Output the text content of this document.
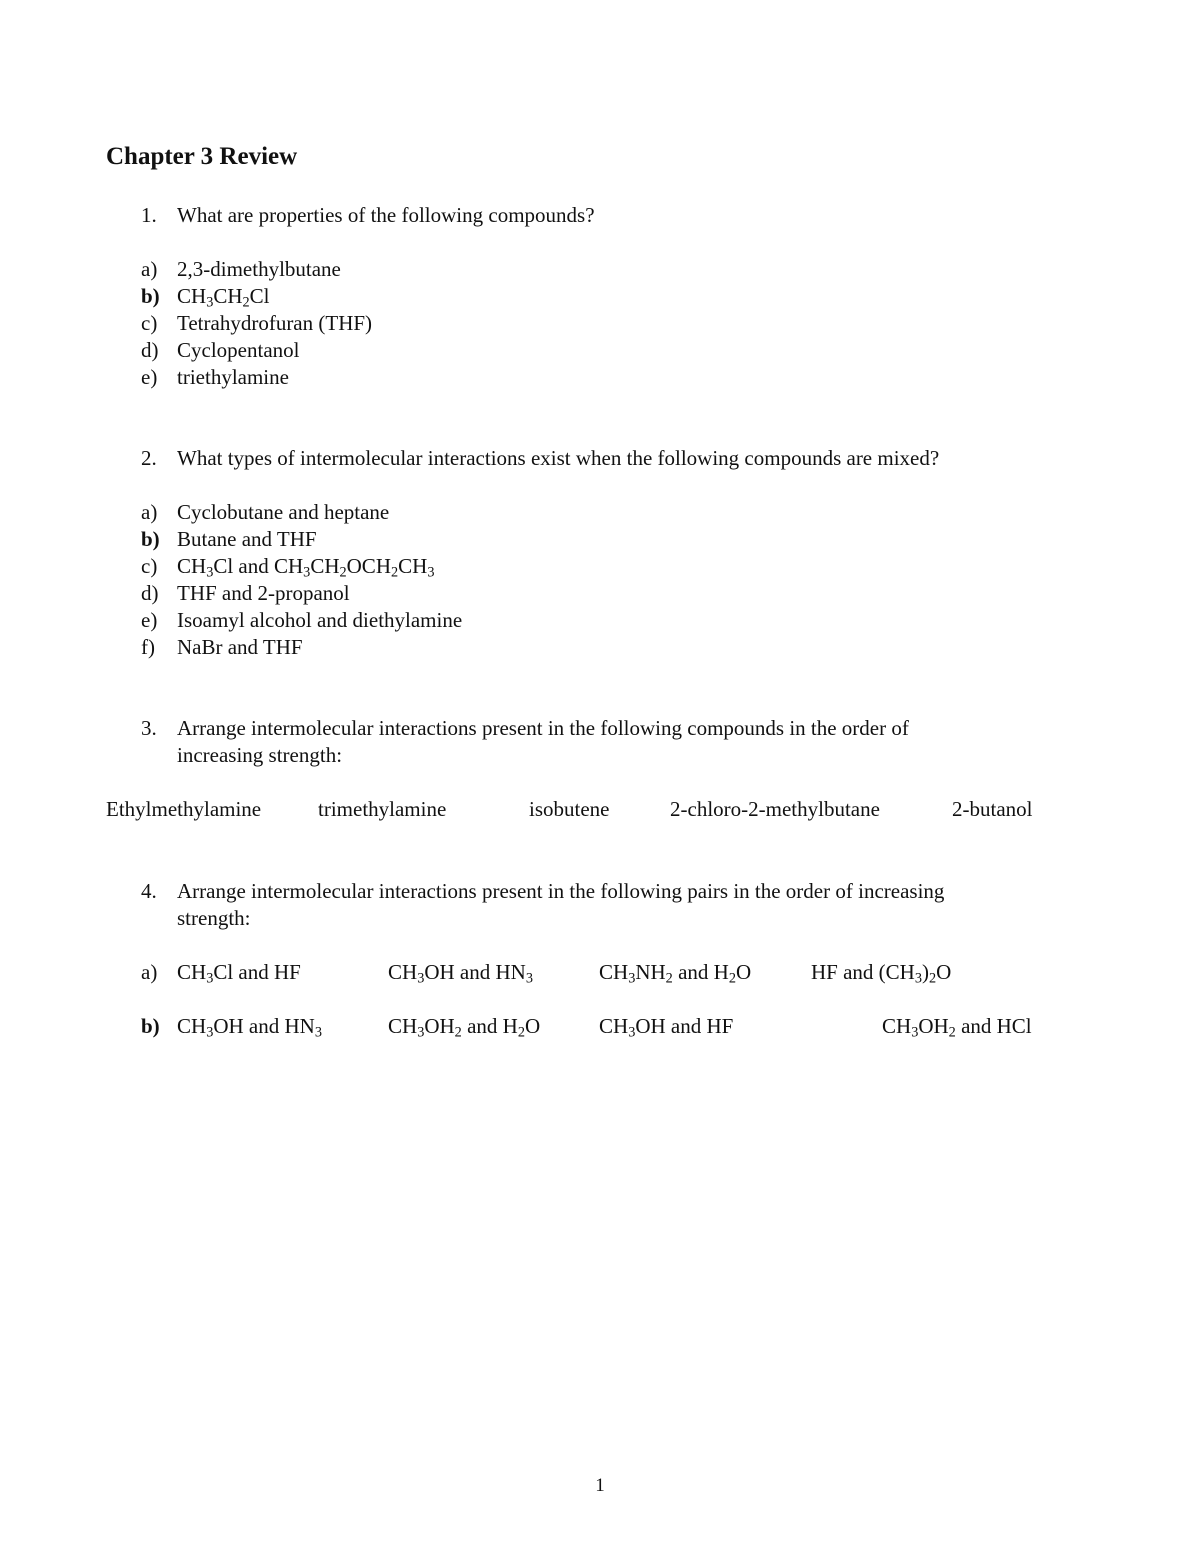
Chapter 3 Review
1. What are properties of the following compounds?
a) 2,3-dimethylbutane
b) $CH_3CH_2Cl$
c) Tetrahydrofuran (THF)
d) Cyclopentanol
e) triethylamine
2. What types of intermolecular interactions exist when the following compounds are mixed?
a) Cyclobutane and heptane
b) Butane and THF
c) $CH_3Cl$ and $CH_3CH_2OCH_2CH_3$
d) THF and 2-propanol
e) Isoamyl alcohol and diethylamine
f) NaBr and THF
3. Arrange intermolecular interactions present in the following compounds in the order of
increasing strength:
Ethylmethylamine	trimethylamine	isobutene	2-chloro-2-methylbutane	2-butanol
4. Arrange intermolecular interactions present in the following pairs in the order of increasing
strength:
a) $CH_3Cl$ and HF	$CH_3OH$ and $HN_3$	$CH_3NH_2$ and $H_2O$	HF and $(CH_3)_2O$
b) $CH_3OH$ and $HN_3$	$CH_3OH_2$ and $H_2O$	$CH_3OH$ and HF	$CH_3OH_2$ and HCl
1
